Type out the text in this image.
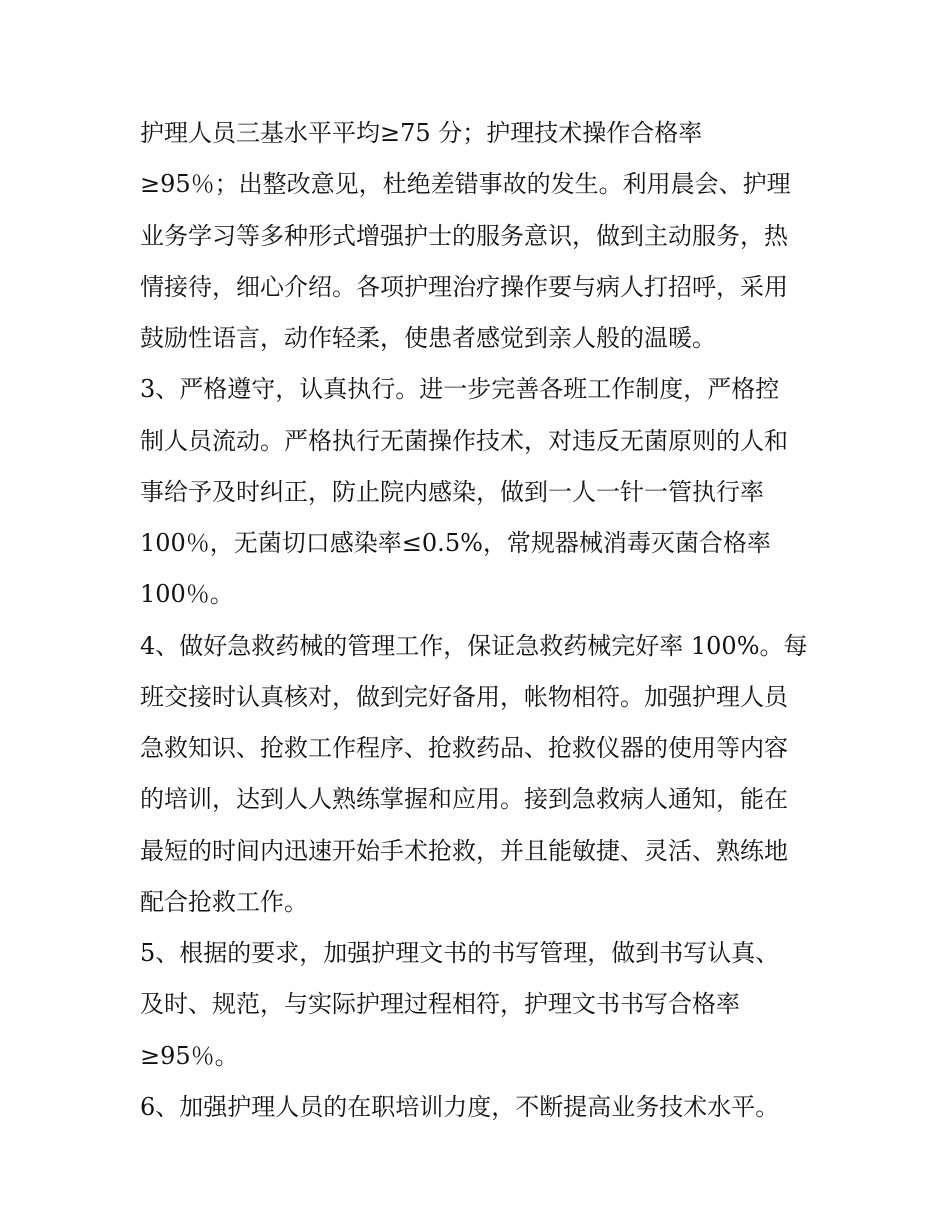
护理人员三基水平平均≥75 分；护理技术操作合格率
≥95％；出整改意见，杜绝差错事故的发生。利用晨会、护理
业务学习等多种形式增强护士的服务意识，做到主动服务，热
情接待，细心介绍。各项护理治疗操作要与病人打招呼，采用
鼓励性语言，动作轻柔，使患者感觉到亲人般的温暖。
3、严格遵守，认真执行。进一步完善各班工作制度，严格控
制人员流动。严格执行无菌操作技术，对违反无菌原则的人和
事给予及时纠正，防止院内感染，做到一人一针一管执行率
100％，无菌切口感染率≤0.5%，常规器械消毒灭菌合格率
100％。
4、做好急救药械的管理工作，保证急救药械完好率 100%。每
班交接时认真核对，做到完好备用，帐物相符。加强护理人员
急救知识、抢救工作程序、抢救药品、抢救仪器的使用等内容
的培训，达到人人熟练掌握和应用。接到急救病人通知，能在
最短的时间内迅速开始手术抢救，并且能敏捷、灵活、熟练地
配合抢救工作。
5、根据的要求，加强护理文书的书写管理，做到书写认真、
及时、规范，与实际护理过程相符，护理文书书写合格率
≥95％。
6、加强护理人员的在职培训力度，不断提高业务技术水平。
